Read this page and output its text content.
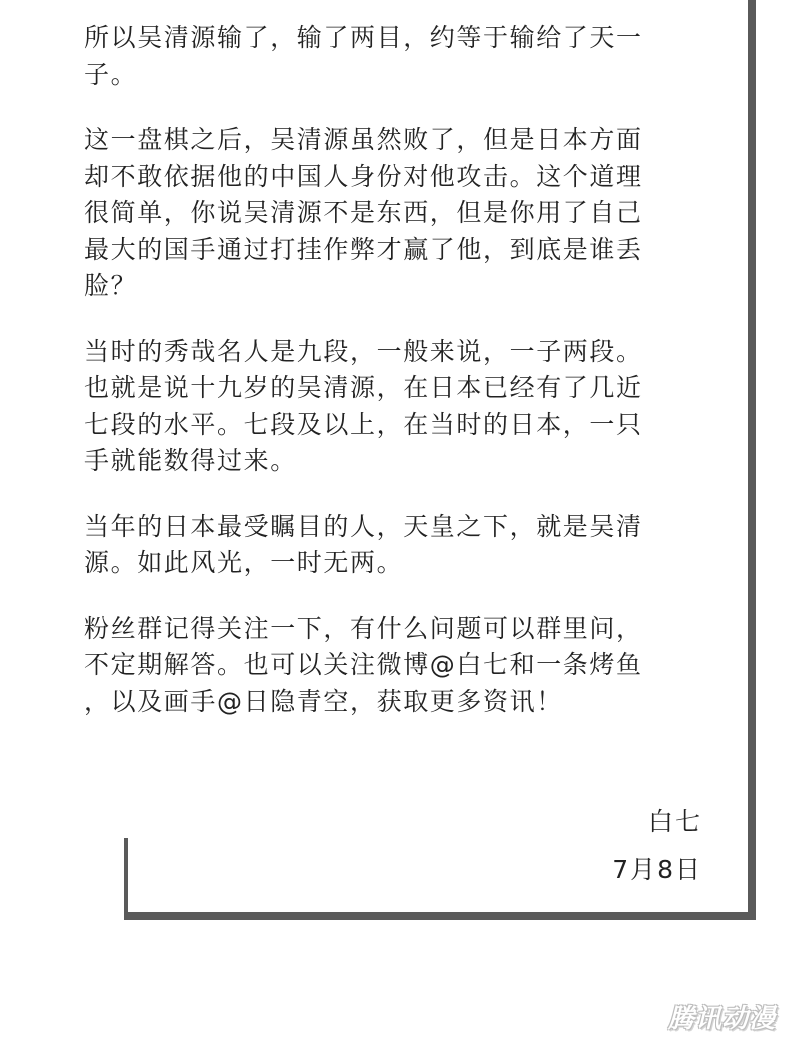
所以吴清源输了，输了两目，约等于输给了天一
子。

这一盘棋之后，吴清源虽然败了，但是日本方面
却不敢依据他的中国人身份对他攻击。这个道理
很简单，你说吴清源不是东西，但是你用了自己
最大的国手通过打挂作弊才赢了他，到底是谁丢
脸？

当时的秀哉名人是九段，一般来说，一子两段。
也就是说十九岁的吴清源，在日本已经有了几近
七段的水平。七段及以上，在当时的日本，一只
手就能数得过来。

当年的日本最受瞩目的人，天皇之下，就是吴清
源。如此风光，一时无两。

粉丝群记得关注一下，有什么问题可以群里问，
不定期解答。也可以关注微博@白七和一条烤鱼
，以及画手@日隐青空，获取更多资讯！

白七
7月8日
腾讯动漫
